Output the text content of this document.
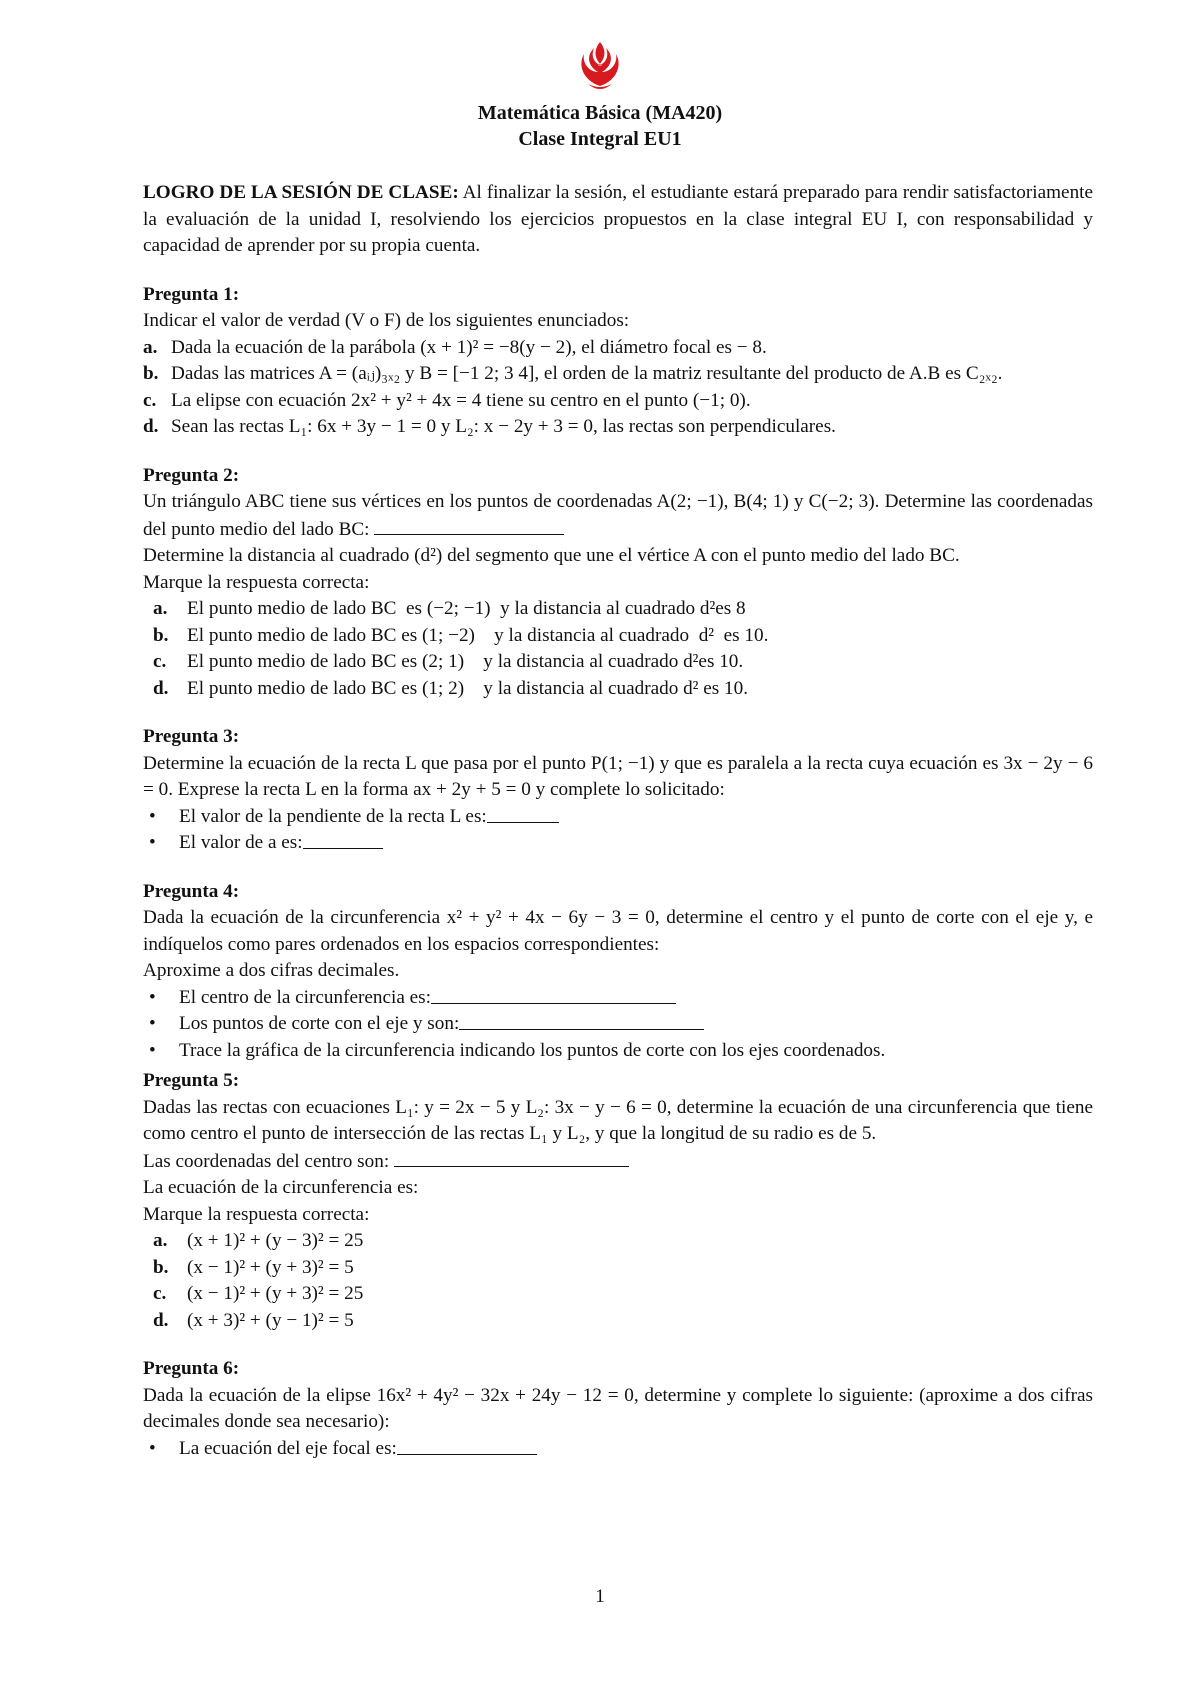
Matemática Básica (MA420)
Clase Integral EU1

LOGRO DE LA SESIÓN DE CLASE: Al finalizar la sesión, el estudiante estará preparado para rendir satisfactoriamente la evaluación de la unidad I, resolviendo los ejercicios propuestos en la clase integral EU I, con responsabilidad y capacidad de aprender por su propia cuenta.

Pregunta 1:

Indicar el valor de verdad (V o F) de los siguientes enunciados:

a. Dada la ecuación de la parábola (x + 1)² = −8(y − 2), el diámetro focal es − 8.
b. Dadas las matrices A = (aᵢⱼ)₃ₓ₂ y B = [−1 2; 3 4], el orden de la matriz resultante del producto de A.B es C₂ₓ₂.
c. La elipse con ecuación 2x² + y² + 4x = 4 tiene su centro en el punto (−1; 0).
d. Sean las rectas L₁: 6x + 3y − 1 = 0 y L₂: x − 2y + 3 = 0, las rectas son perpendiculares.

Pregunta 2:

Un triángulo ABC tiene sus vértices en los puntos de coordenadas A(2; −1), B(4; 1) y C(−2; 3). Determine las coordenadas del punto medio del lado BC:

Determine la distancia al cuadrado (d²) del segmento que une el vértice A con el punto medio del lado BC.

Marque la respuesta correcta:

a.	El punto medio de lado BC  es (−2; −1)  y la distancia al cuadrado d²es 8
b. El punto medio de lado BC es (1; −2)    y la distancia al cuadrado  d²  es 10.
c.	El punto medio de lado BC es (2; 1)    y la distancia al cuadrado d²es 10.
d. El punto medio de lado BC es (1; 2)    y la distancia al cuadrado d² es 10.

Pregunta 3:

Determine la ecuación de la recta L que pasa por el punto P(1; −1) y que es paralela a la recta cuya ecuación es 3x − 2y − 6 = 0. Exprese la recta L en la forma ax + 2y + 5 = 0 y complete lo solicitado:

•	El valor de la pendiente de la recta L es:
•	El valor de a es:

Pregunta 4:

Dada la ecuación de la circunferencia x² + y² + 4x − 6y − 3 = 0, determine el centro y el punto de corte con el eje y, e indíquelos como pares ordenados en los espacios correspondientes:

Aproxime a dos cifras decimales.

•	El centro de la circunferencia es:
•	Los puntos de corte con el eje y son:
•	Trace la gráfica de la circunferencia indicando los puntos de corte con los ejes coordenados.

Pregunta 5:

Dadas las rectas con ecuaciones L₁: y = 2x − 5 y L₂: 3x − y − 6 = 0, determine la ecuación de una circunferencia que tiene como centro el punto de intersección de las rectas L₁ y L₂, y que la longitud de su radio es de 5.

Las coordenadas del centro son:

La ecuación de la circunferencia es:

Marque la respuesta correcta:

a.	(x + 1)² + (y − 3)² = 25
b. (x − 1)² + (y + 3)² = 5
c.	(x − 1)² + (y + 3)² = 25
d. (x + 3)² + (y − 1)² = 5

Pregunta 6:

Dada la ecuación de la elipse 16x² + 4y² − 32x + 24y − 12 = 0, determine y complete lo siguiente: (aproxime a dos cifras decimales donde sea necesario):

•	La ecuación del eje focal es:
1
